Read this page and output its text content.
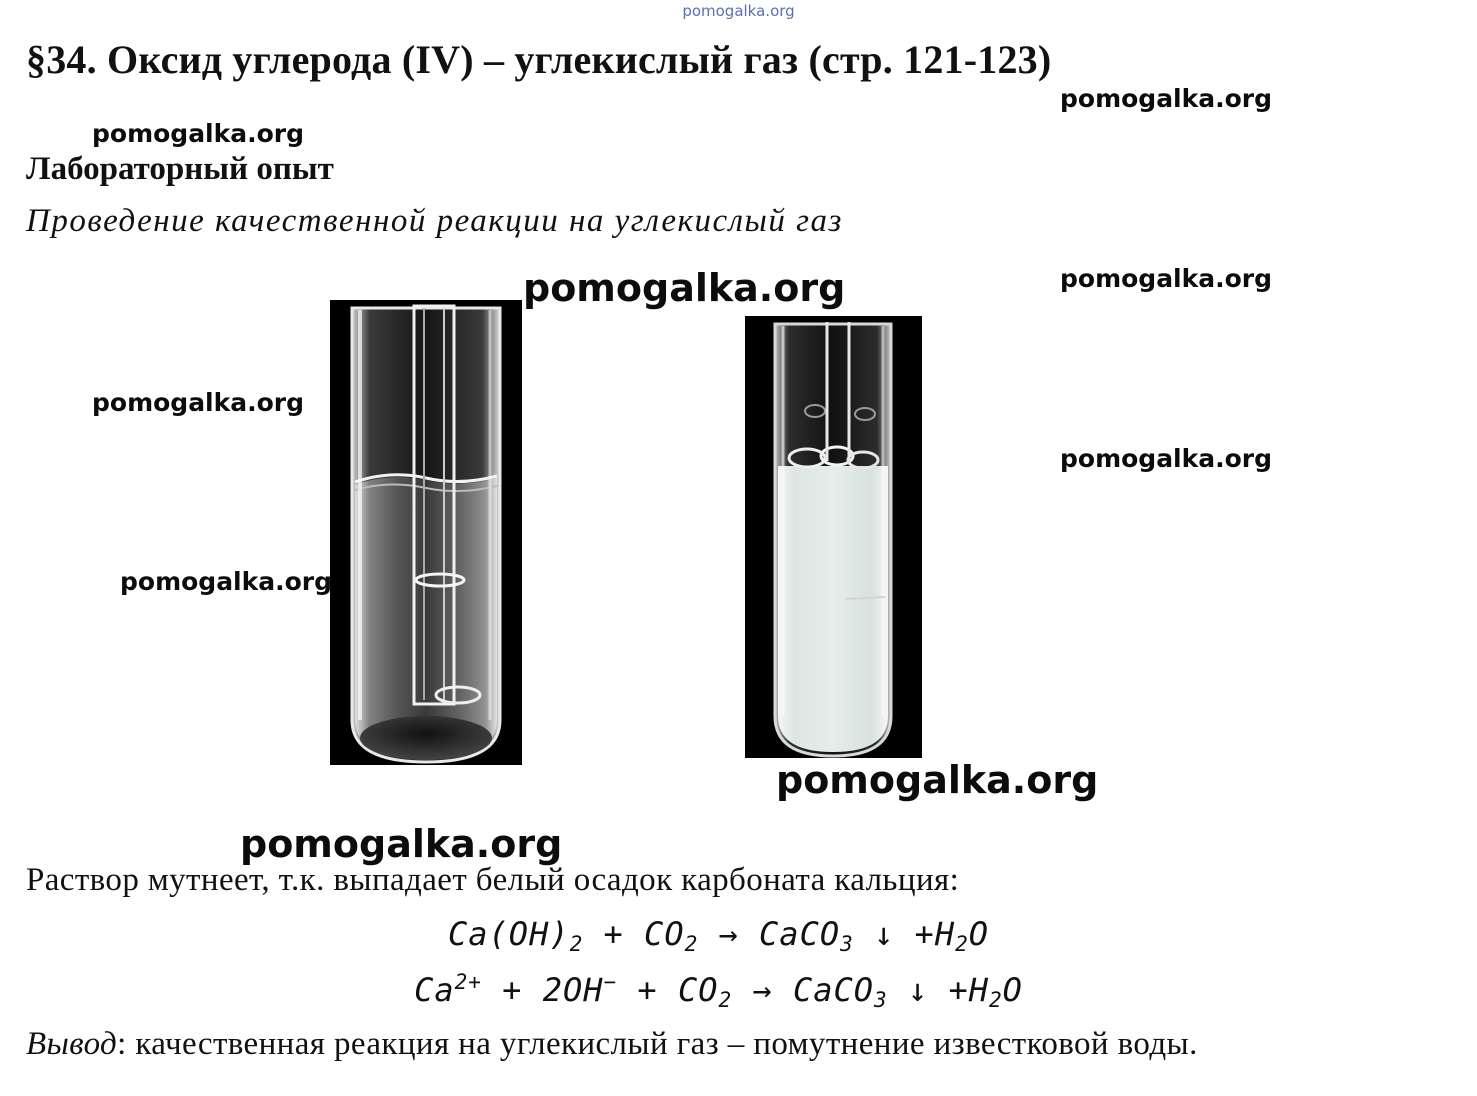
pomogalka.org
§34. Оксид углерода (IV) – углекислый газ (стр. 121-123)
pomogalka.org
pomogalka.org
Лабораторный опыт
Проведение качественной реакции на углекислый газ
pomogalka.org	pomogalka.org
pomogalka.org
pomogalka.org
pomogalka.org
pomogalka.org
pomogalka.org
Раствор мутнеет, т.к. выпадает белый осадок карбоната кальция:
$Ca(OH)_2 + CO_2$ → CaCO$_3$ ↓ $+H_2O$
$Ca^{2+} + 2OH^- + CO_2$ → CaCO$_3$ ↓ $+H_2O$
Вывод: качественная реакция на углекислый газ – помутнение известковой воды.
